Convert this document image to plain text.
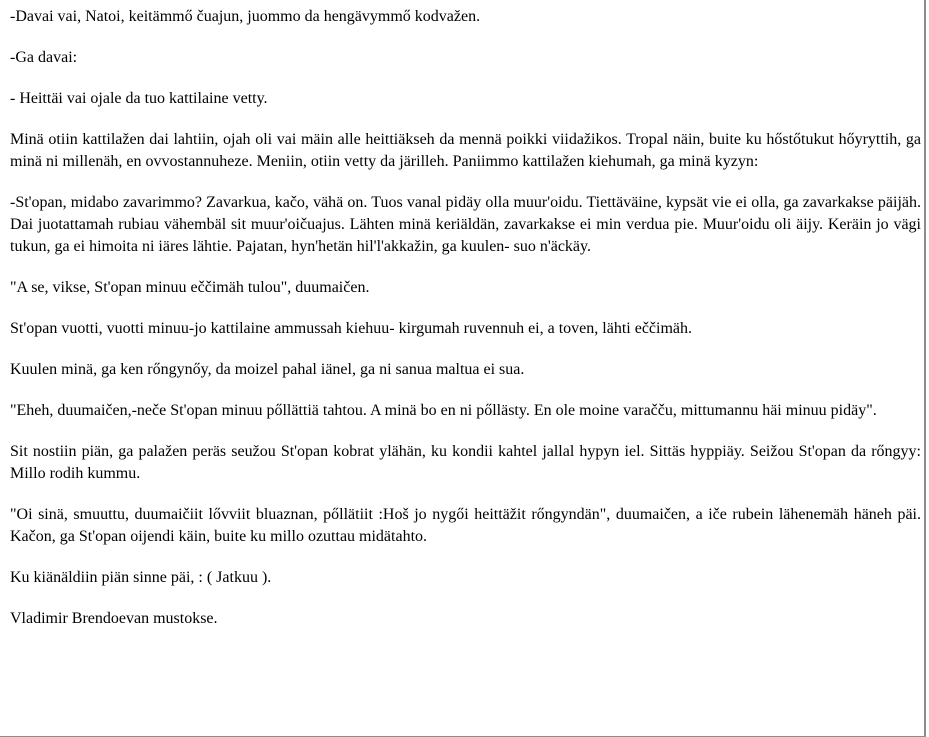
-Davai vai, Natoi, keitämmő čuajun, juommo da hengävymmő kodvažen.

-Ga davai:

- Heittäi vai ojale da tuo kattilaine vetty.

Minä otiin kattilažen dai lahtiin, ojah oli vai mäin alle heittiäkseh da mennä poikki viidažikos. Tropal näin, buite ku hőstőtukut hőyryttih, ga minä ni millenäh, en ovvostannuheze. Meniin, otiin vetty da järilleh. Paniimmo kattilažen kiehumah, ga minä kyzyn:

-St'opan, midabo zavarimmo? Zavarkua, kačo, vähä on. Tuos vanal pidäy olla muur'oidu. Tiettäväine, kypsät vie ei olla, ga zavarkakse päijäh. Dai juotattamah rubiau vähembäl sit muur'oičuajus. Lähten minä keriäldän, zavarkakse ei min verdua pie. Muur'oidu oli äijy. Keräin jo vägi tukun, ga ei himoita ni iäres lähtie. Pajatan, hyn'hetän hil'l'akkažin, ga kuulen- suo n'äckäy.

"A se, vikse, St'opan minuu eččimäh tulou", duumaičen.

St'opan vuotti, vuotti minuu-jo kattilaine ammussah kiehuu- kirgumah ruvennuh ei, a toven, lähti eččimäh.

Kuulen minä, ga ken rőngynőy, da moizel pahal iänel, ga ni sanua maltua ei sua.

"Eheh, duumaičen,-neče St'opan minuu pőllättiä tahtou. A minä bo en ni pőllästy. En ole moine varačču, mittumannu häi minuu pidäy".

Sit nostiin piän, ga palažen peräs seužou St'opan kobrat ylähän, ku kondii kahtel jallal hypyn iel. Sittäs hyppiäy. Seižou St'opan da rőngyy: Millo rodih kummu.

"Oi sinä, smuuttu, duumaičiit lővviit bluaznan, pőllätiit :Hoš jo nygői heittäžit rőngyndän", duumaičen, a iče rubein lähenemäh häneh päi. Kačon, ga St'opan oijendi käin, buite ku millo ozuttau midätahto.

Ku kiänäldiin piän sinne päi, : ( Jatkuu ).

Vladimir Brendoevan mustokse.
